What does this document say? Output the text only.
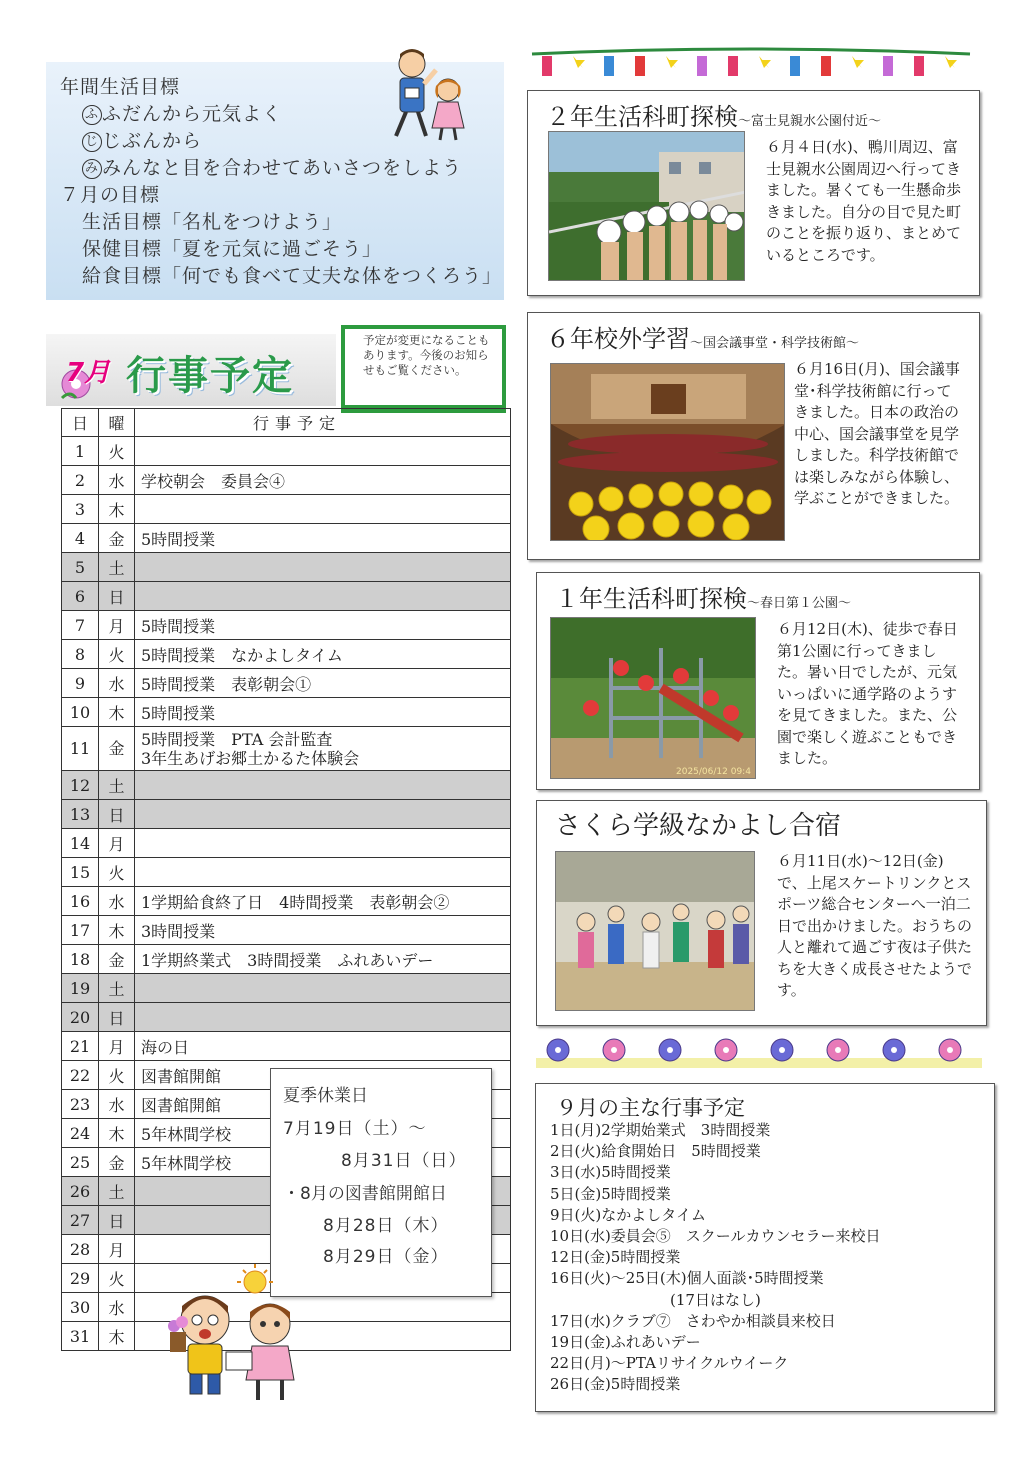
年間生活目標
ふ ふだんから元気よく
じ じぶんから
み みんなと目を合わせてあいさつをしよう
７月の目標
生活目標「名札をつけよう」
保健目標「夏を元気に過ごそう」
給食目標「何でも食べて丈夫な体をつくろう」
7月 行事予定
予定が変更になることもあります。今後のお知らせもご覧ください。
日	曜	行事予定
1	火	

2	水	学校朝会　委員会④

3	木	

4	金	5時間授業

5	土	

6	日	

7	月	5時間授業

8	火	5時間授業　なかよしタイム

9	水	5時間授業　表彰朝会①

10	木	5時間授業

11	金	5時間授業　PTA 会計監査
3年生あげお郷土かるた体験会

12	土	

13	日	

14	月	

15	火	

16	水	1学期給食終了日　4時間授業　表彰朝会②

17	木	3時間授業

18	金	1学期終業式　3時間授業　ふれあいデー

19	土	

20	日	

21	月	海の日

22	火	図書館開館

23	水	図書館開館

24	木	5年林間学校

25	金	5年林間学校

26	土	

27	日	

28	月	

29	火	

30	水	

31	木	
夏季休業日
7月19日（土）～
8月31日（日）
・8月の図書館開館日
8月28日（木）
8月29日（金）
２年生活科町探検～富士見親水公園付近～
６月４日(水)、鴨川周辺、富士見親水公園周辺へ行ってきました。暑くても一生懸命歩きました。自分の目で見た町のことを振り返り、まとめているところです。
６年校外学習～国会議事堂・科学技術館～
６月16日(月)、国会議事堂･科学技術館に行ってきました。日本の政治の中心、国会議事堂を見学しました。科学技術館では楽しみながら体験し、学ぶことができました。
１年生活科町探検～春日第１公園～
2025/06/12 09:4
６月12日(木)、徒歩で春日第1公園に行ってきました。暑い日でしたが、元気いっぱいに通学路のようすを見てきました。また、公園で楽しく遊ぶこともできました。
さくら学級なかよし合宿
６月11日(水)～12日(金)で、上尾スケートリンクとスポーツ総合センターへ一泊二日で出かけました。おうちの人と離れて過ごす夜は子供たちを大きく成長させたようです。
９月の主な行事予定
1日(月)2学期始業式　3時間授業
2日(火)給食開始日　5時間授業
3日(水)5時間授業
5日(金)5時間授業
9日(火)なかよしタイム
10日(水)委員会⑤　スクールカウンセラー来校日
12日(金)5時間授業
16日(火)～25日(木)個人面談･5時間授業
　　　　　　　　(17日はなし)
17日(水)クラブ⑦　さわやか相談員来校日
19日(金)ふれあいデー
22日(月)～PTAリサイクルウイーク
26日(金)5時間授業
